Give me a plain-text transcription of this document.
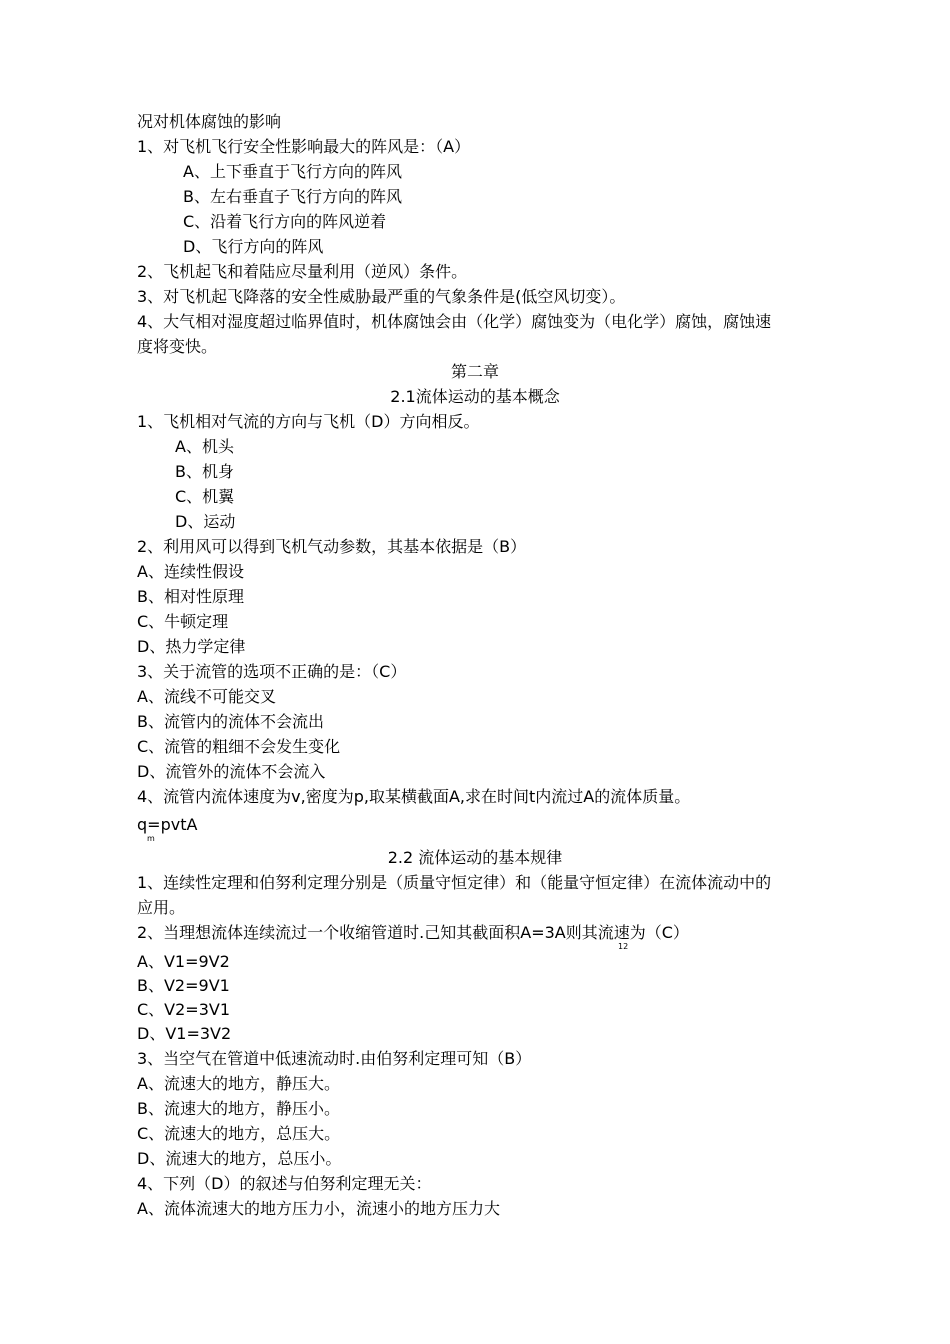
况对机体腐蚀的影响
1、对飞机飞行安全性影响最大的阵风是：（A）
A、上下垂直于飞行方向的阵风
B、左右垂直子飞行方向的阵风
C、沿着飞行方向的阵风逆着
D、飞行方向的阵风
2、飞机起飞和着陆应尽量利用（逆风）条件。
3、对飞机起飞降落的安全性威胁最严重的气象条件是(低空风切变）。
4、大气相对湿度超过临界值时，机体腐蚀会由（化学）腐蚀变为（电化学）腐蚀，腐蚀速
度将变快。
第二章
2.1流体运动的基本概念
1、飞机相对气流的方向与飞机（D）方向相反。
A、机头
B、机身
C、机翼
D、运动
2、利用风可以得到飞机气动参数，其基本依据是（B）
A、连续性假设
B、相对性原理
C、牛顿定理
D、热力学定律
3、关于流管的选项不正确的是：（C）
A、流线不可能交叉
B、流管内的流体不会流出
C、流管的粗细不会发生变化
D、流管外的流体不会流入
4、流管内流体速度为v,密度为p,取某横截面A,求在时间t内流过A的流体质量。
q=pvtA
m
2.2 流体运动的基本规律
1、连续性定理和伯努利定理分别是（质量守恒定律）和（能量守恒定律）在流体流动中的
应用。
2、当理想流体连续流过一个收缩管道时.己知其截面积A=3A则其流速为（C）
12
A、V1=9V2
B、V2=9V1
C、V2=3V1
D、V1=3V2
3、当空气在管道中低速流动时.由伯努利定理可知（B）
A、流速大的地方，静压大。
B、流速大的地方，静压小。
C、流速大的地方，总压大。
D、流速大的地方，总压小。
4、下列（D）的叙述与伯努利定理无关：
A、流体流速大的地方压力小，流速小的地方压力大
